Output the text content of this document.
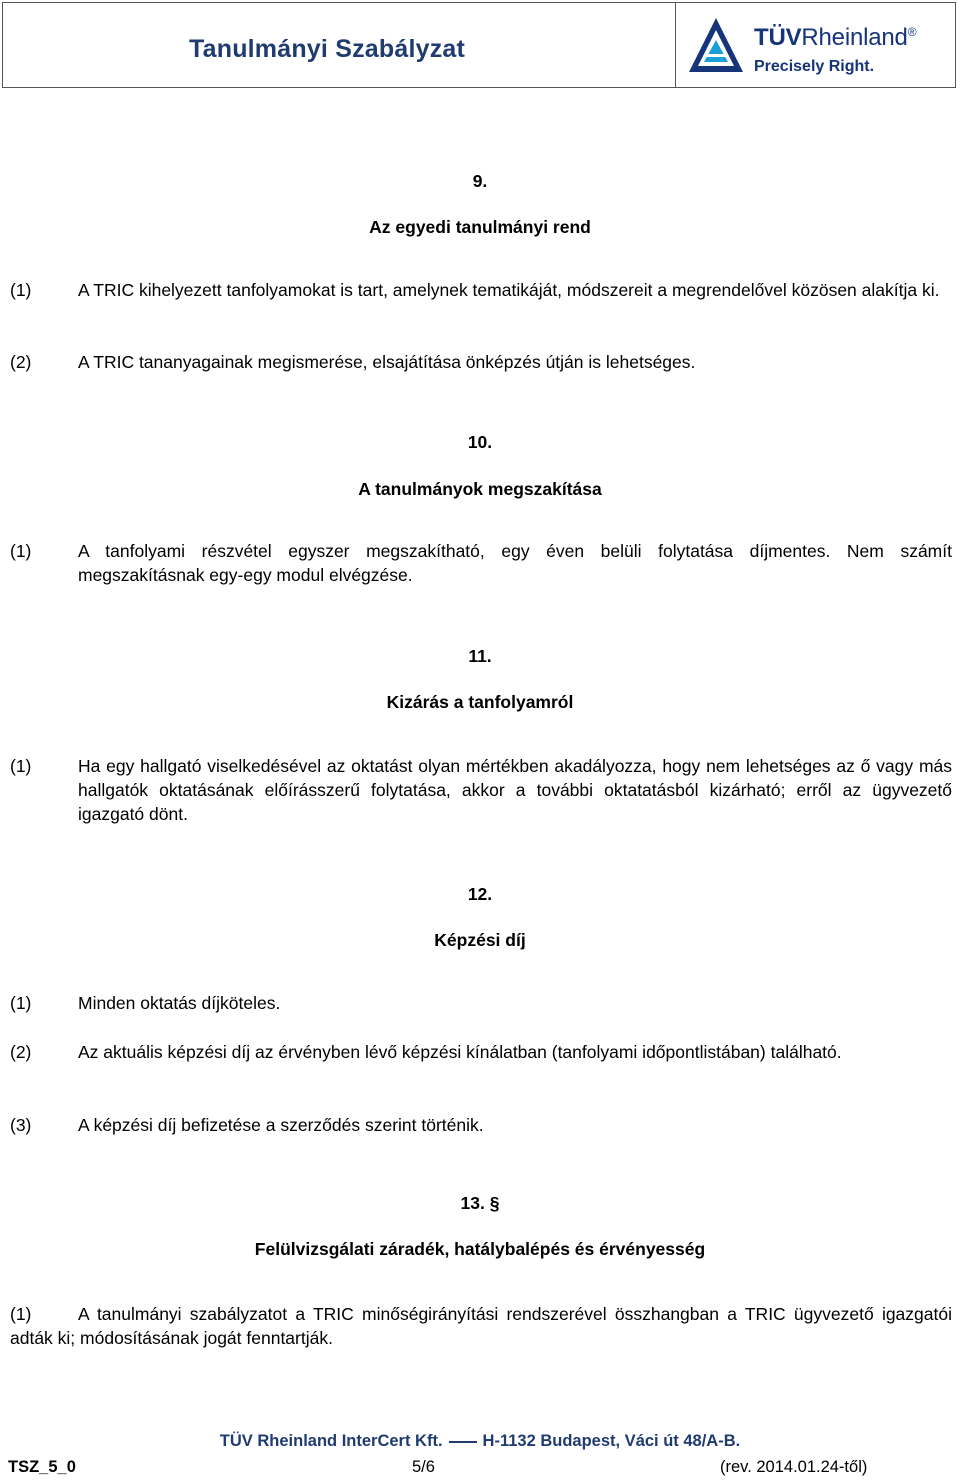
Tanulmányi Szabályzat	TÜVRheinland®
Precisely Right.
9.
Az egyedi tanulmányi rend
(1)	A TRIC kihelyezett tanfolyamokat is tart, amelynek tematikáját, módszereit a megrendelővel közösen alakítja ki.
(2)	A TRIC tananyagainak megismerése, elsajátítása önképzés útján is lehetséges.
10.
A tanulmányok megszakítása
(1)	A tanfolyami részvétel egyszer megszakítható, egy éven belüli folytatása díjmentes. Nem számít megszakításnak egy-egy modul elvégzése.
11.
Kizárás a tanfolyamról
(1)	Ha egy hallgató viselkedésével az oktatást olyan mértékben akadályozza, hogy nem lehetséges az ő vagy más hallgatók oktatásának előírásszerű folytatása, akkor a további oktatatásból kizárható; erről az ügyvezető igazgató dönt.
12.
Képzési díj
(1)	Minden oktatás díjköteles.
(2)	Az aktuális képzési díj az érvényben lévő képzési kínálatban (tanfolyami időpontlistában) található.
(3)	A képzési díj befizetése a szerződés szerint történik.
13. §
Felülvizsgálati záradék, hatálybalépés és érvényesség
(1)	A tanulmányi szabályzatot a TRIC minőségirányítási rendszerével összhangban a TRIC ügyvezető igazgatói adták ki; módosításának jogát fenntartják.
TÜV Rheinland InterCert Kft. H-1132 Budapest, Váci út 48/A-B.
TSZ_5_0	5/6	(rev. 2014.01.24-től)
